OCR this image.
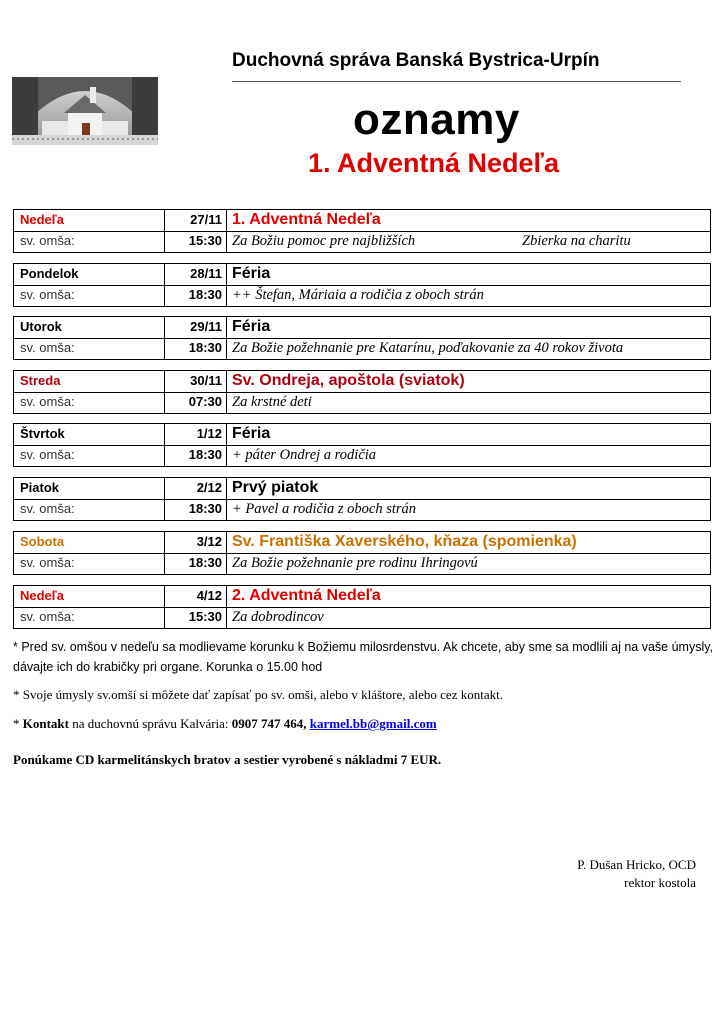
Duchovná správa Banská Bystrica-Urpín
oznamy
1. Adventná Nedeľa
Nedeľa	27/11 1. Adventná Nedeľa
sv. omša:	15:30 Za Božiu pomoc pre najbližších	Zbierka na charitu
Pondelok	28/11 Féria
sv. omša:	18:30 ++ Štefan, Máriaia a rodičia z oboch strán
Utorok	29/11 Féria
sv. omša:	18:30 Za Božie požehnanie pre Katarínu, poďakovanie za 40 rokov života
Streda	30/11 Sv. Ondreja, apoštola (sviatok)
sv. omša:	07:30 Za krstné deti
Štvrtok	1/12 Féria
sv. omša:	18:30 + páter Ondrej a rodičia
Piatok	2/12 Prvý piatok
sv. omša:	18:30 + Pavel a rodičia z oboch strán
Sobota	3/12 Sv. Františka Xaverského, kňaza (spomienka)
sv. omša:	18:30 Za Božie požehnanie pre rodinu Ihringovú
Nedeľa	4/12 2. Adventná Nedeľa
sv. omša:	15:30 Za dobrodincov
* Pred sv. omšou v nedeľu sa modlievame korunku k Božiemu milosrdenstvu. Ak chcete, aby sme sa modlili aj na vaše úmysly, dávajte ich do krabičky pri organe. Korunka o 15.00 hod
* Svoje úmysly sv.omší si môžete dať zapísať po sv. omši, alebo v kláštore, alebo cez kontakt.
* Kontakt na duchovnú správu Kalvária: 0907 747 464, karmel.bb@gmail.com
Ponúkame CD karmelitánskych bratov a sestier vyrobené s nákladmi 7 EUR.
P. Dušan Hricko, OCD
rektor kostola
